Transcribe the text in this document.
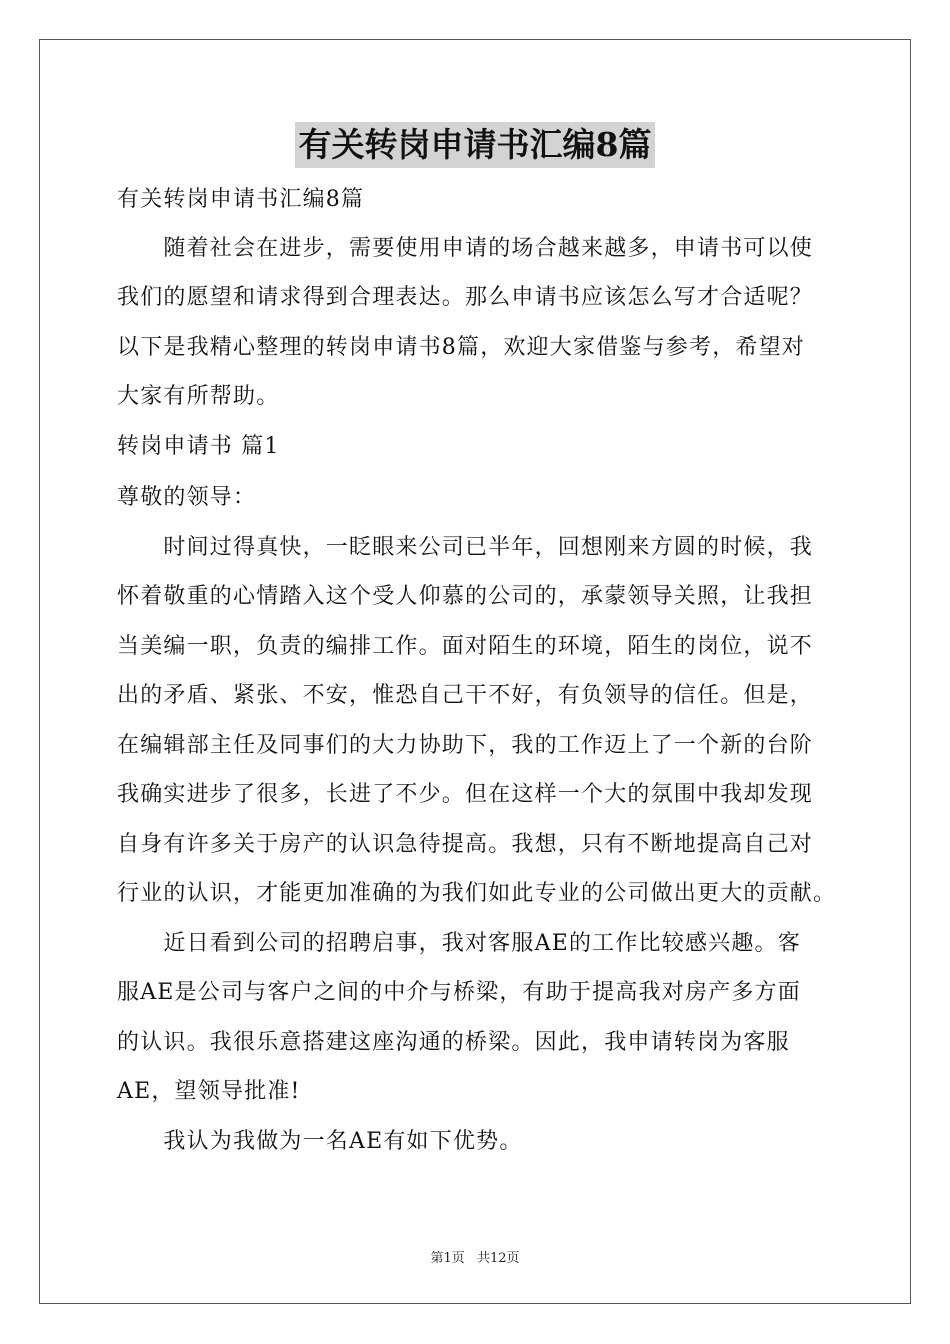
有关转岗申请书汇编8篇
有关转岗申请书汇编8篇
　　随着社会在进步，需要使用申请的场合越来越多，申请书可以使
我们的愿望和请求得到合理表达。那么申请书应该怎么写才合适呢？
以下是我精心整理的转岗申请书8篇，欢迎大家借鉴与参考，希望对
大家有所帮助。
转岗申请书 篇1
尊敬的领导：
　　时间过得真快，一眨眼来公司已半年，回想刚来方圆的时候，我
怀着敬重的心情踏入这个受人仰慕的公司的，承蒙领导关照，让我担
当美编一职，负责的编排工作。面对陌生的环境，陌生的岗位，说不
出的矛盾、紧张、不安，惟恐自己干不好，有负领导的信任。但是，
在编辑部主任及同事们的大力协助下，我的工作迈上了一个新的台阶
我确实进步了很多，长进了不少。但在这样一个大的氛围中我却发现
自身有许多关于房产的认识急待提高。我想，只有不断地提高自己对
行业的认识，才能更加准确的为我们如此专业的公司做出更大的贡献。
　　近日看到公司的招聘启事，我对客服AE的工作比较感兴趣。客
服AE是公司与客户之间的中介与桥梁，有助于提高我对房产多方面
的认识。我很乐意搭建这座沟通的桥梁。因此，我申请转岗为客服
AE，望领导批准!
　　我认为我做为一名AE有如下优势。
第1页 共12页
